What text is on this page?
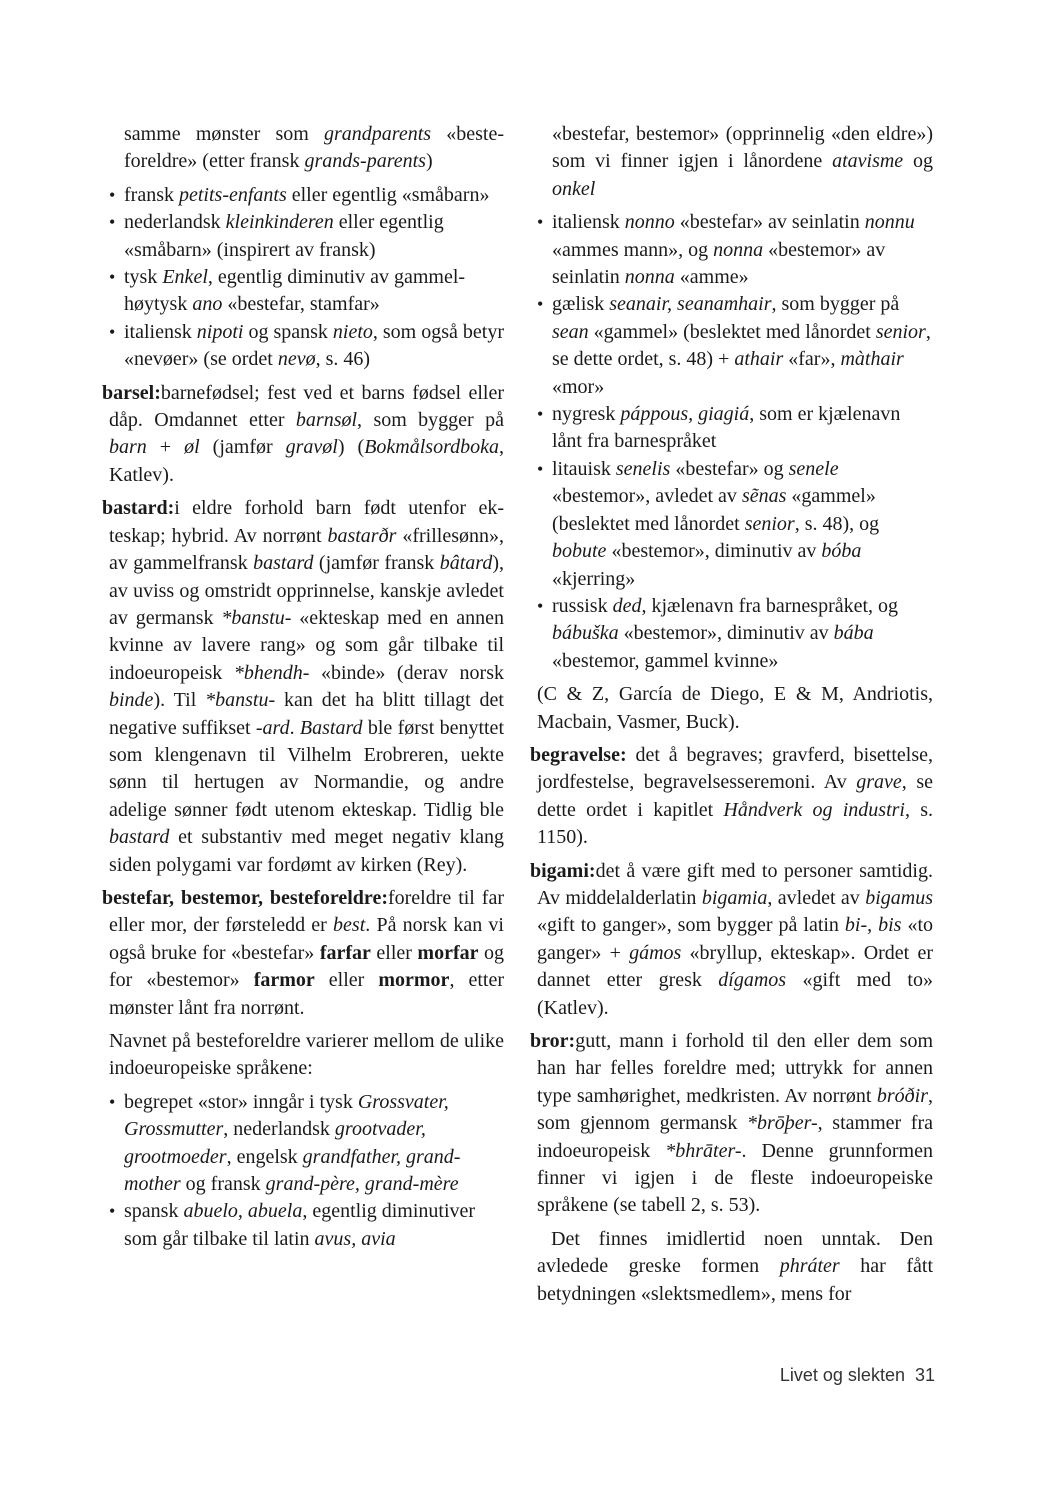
samme mønster som grandparents «besteforeldre» (etter fransk grands-parents)

• fransk petits-enfants eller egentlig «småbarn»
• nederlandsk kleinkinderen eller egentlig «småbarn» (inspirert av fransk)
• tysk Enkel, egentlig diminutiv av gammelhøytysk ano «bestefar, stamfar»
• italiensk nipoti og spansk nieto, som også betyr «nevøer» (se ordet nevø, s. 46)

barsel:barnefødsel; fest ved et barns fødsel eller dåp. Omdannet etter barnsøl, som bygger på barn + øl (jamfør gravøl) (Bokmålsordboka, Katlev).

bastard:i eldre forhold barn født utenfor ekteskap; hybrid. Av norrønt bastarðr «frillesønn», av gammelfransk bastard (jamfør fransk bâtard), av uviss og omstridt opprinnelse, kanskje avledet av germansk *banstu- «ekteskap med en annen kvinne av lavere rang» og som går tilbake til indoeuropeisk *bhendh- «binde» (derav norsk binde). Til *banstu- kan det ha blitt tillagt det negative suffikset -ard. Bastard ble først benyttet som klengenavn til Vilhelm Erobreren, uekte sønn til hertugen av Normandie, og andre adelige sønner født utenom ekteskap. Tidlig ble bastard et substantiv med meget negativ klang siden polygami var fordømt av kirken (Rey).

bestefar, bestemor, besteforeldre:foreldre til far eller mor, der førsteledd er best. På norsk kan vi også bruke for «bestefar» farfar eller morfar og for «bestemor» farmor eller mormor, etter mønster lånt fra norrønt.

Navnet på besteforeldre varierer mellom de ulike indoeuropeiske språkene:

• begrepet «stor» inngår i tysk Grossvater, Grossmutter, nederlandsk grootvader, grootmoeder, engelsk grandfather, grandmother og fransk grand-père, grand-mère
• spansk abuelo, abuela, egentlig diminutiver som går tilbake til latin avus, avia

«bestefar, bestemor» (opprinnelig «den eldre») som vi finner igjen i lånordene atavisme og onkel

• italiensk nonno «bestefar» av seinlatin nonnu «ammes mann», og nonna «bestemor» av seinlatin nonna «amme»
• gælisk seanair, seanamhair, som bygger på sean «gammel» (beslektet med lånordet senior, se dette ordet, s. 48) + athair «far», màthair «mor»
• nygresk páppous, giagiá, som er kjælenavn lånt fra barnespråket
• litauisk senelis «bestefar» og senele «bestemor», avledet av sẽnas «gammel» (beslektet med lånordet senior, s. 48), og bobute «bestemor», diminutiv av bóba «kjerring»
• russisk ded, kjælenavn fra barnespråket, og bábuška «bestemor», diminutiv av bába «bestemor, gammel kvinne»

(C & Z, García de Diego, E & M, Andriotis, Macbain, Vasmer, Buck).

begravelse: det å begraves; gravferd, bisettelse, jordfestelse, begravelsesseremoni. Av grave, se dette ordet i kapitlet Håndverk og industri, s. 1150).

bigami:det å være gift med to personer samtidig. Av middelalderlatin bigamia, avledet av bigamus «gift to ganger», som bygger på latin bi-, bis «to ganger» + gámos «bryllup, ekteskap». Ordet er dannet etter gresk dígamos «gift med to» (Katlev).

bror:gutt, mann i forhold til den eller dem som han har felles foreldre med; uttrykk for annen type samhørighet, medkristen. Av norrønt bróðir, som gjennom germansk *brōþer-, stammer fra indoeuropeisk *bhrāter-. Denne grunnformen finner vi igjen i de fleste indoeuropeiske språkene (se tabell 2, s. 53).

Det finnes imidlertid noen unntak. Den avledede greske formen phráter har fått betydningen «slektsmedlem», mens for

Livet og slekten 31
